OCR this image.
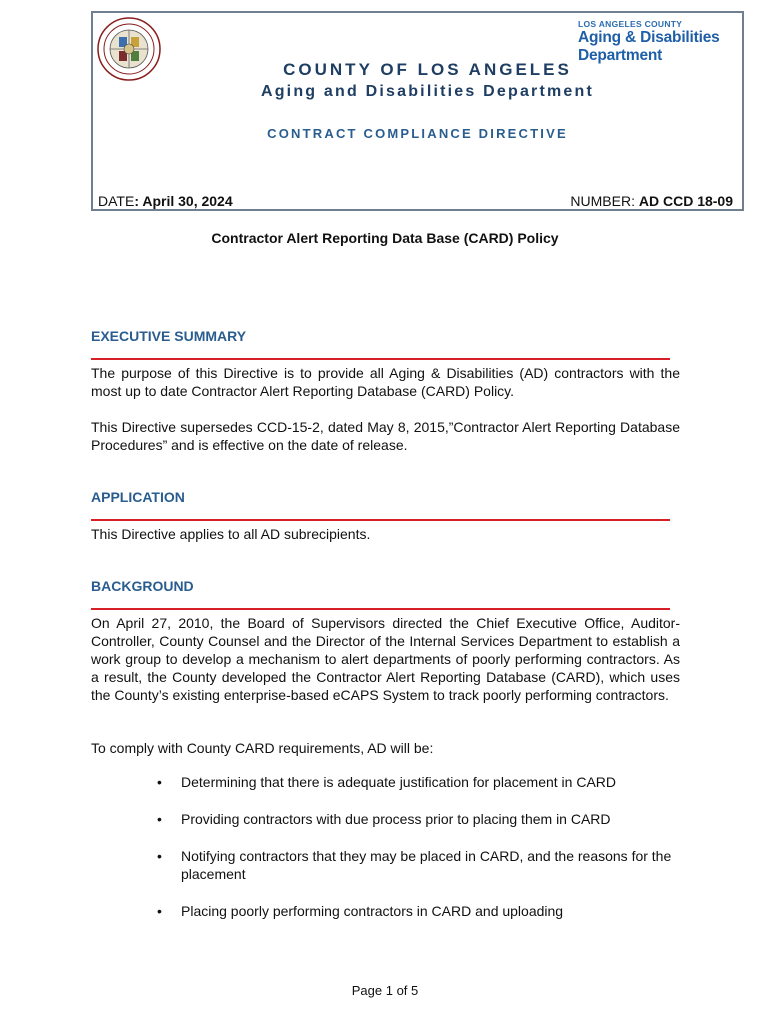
LOS ANGELES COUNTY
Aging & Disabilities
Department
COUNTY OF LOS ANGELES
Aging and Disabilities Department
CONTRACT COMPLIANCE DIRECTIVE
DATE: April 30, 2024	NUMBER: AD CCD 18-09
Contractor Alert Reporting Data Base (CARD) Policy
EXECUTIVE SUMMARY
The purpose of this Directive is to provide all Aging & Disabilities (AD) contractors with the most up to date Contractor Alert Reporting Database (CARD) Policy.
This Directive supersedes CCD-15-2, dated May 8, 2015,”Contractor Alert Reporting Database Procedures” and is effective on the date of release.
APPLICATION
This Directive applies to all AD subrecipients.
BACKGROUND
On April 27, 2010, the Board of Supervisors directed the Chief Executive Office, Auditor-Controller, County Counsel and the Director of the Internal Services Department to establish a work group to develop a mechanism to alert departments of poorly performing contractors. As a result, the County developed the Contractor Alert Reporting Database (CARD), which uses the County’s existing enterprise-based eCAPS System to track poorly performing contractors.
To comply with County CARD requirements, AD will be:
• Determining that there is adequate justification for placement in CARD
• Providing contractors with due process prior to placing them in CARD
• Notifying contractors that they may be placed in CARD, and the reasons for the placement
• Placing poorly performing contractors in CARD and uploading
Page 1 of 5
